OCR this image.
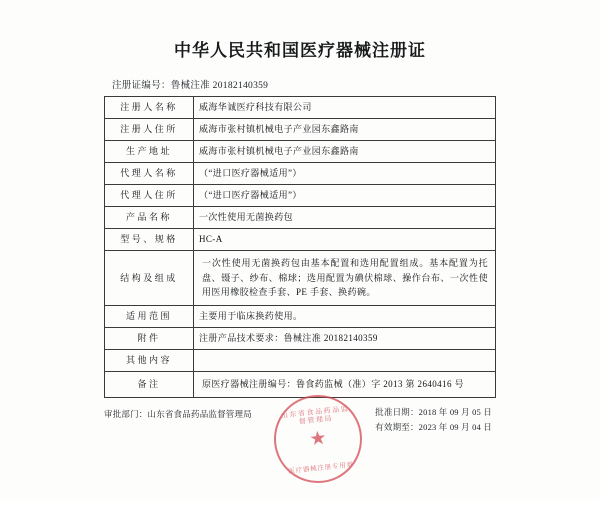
中华人民共和国医疗器械注册证
注册证编号：鲁械注准 20182140359
注册人名称	威海华诚医疗科技有限公司
注册人住所	威海市张村镇机械电子产业园东鑫路南
生产地址	威海市张村镇机械电子产业园东鑫路南
代理人名称	（“进口医疗器械适用”）
代理人住所	（“进口医疗器械适用”）
产品名称	一次性使用无菌换药包
型号、规格	HC-A
结构及组成	一次性使用无菌换药包由基本配置和选用配置组成。基本配置为托盘、镊子、纱布、棉球；选用配置为碘伏棉球、操作台布、一次性使用医用橡胶检查手套、PE 手套、换药碗。
适用范围	主要用于临床换药使用。
附件	注册产品技术要求：鲁械注准 20182140359
其他内容	
备注	原医疗器械注册编号：鲁食药监械（准）字 2013 第 2640416 号
审批部门：山东省食品药品监督管理局	批准日期：2018 年 09 月 05 日
有效期至：2023 年 09 月 04 日
山东省食品药品监督管理局
★
医疗器械注册专用章
